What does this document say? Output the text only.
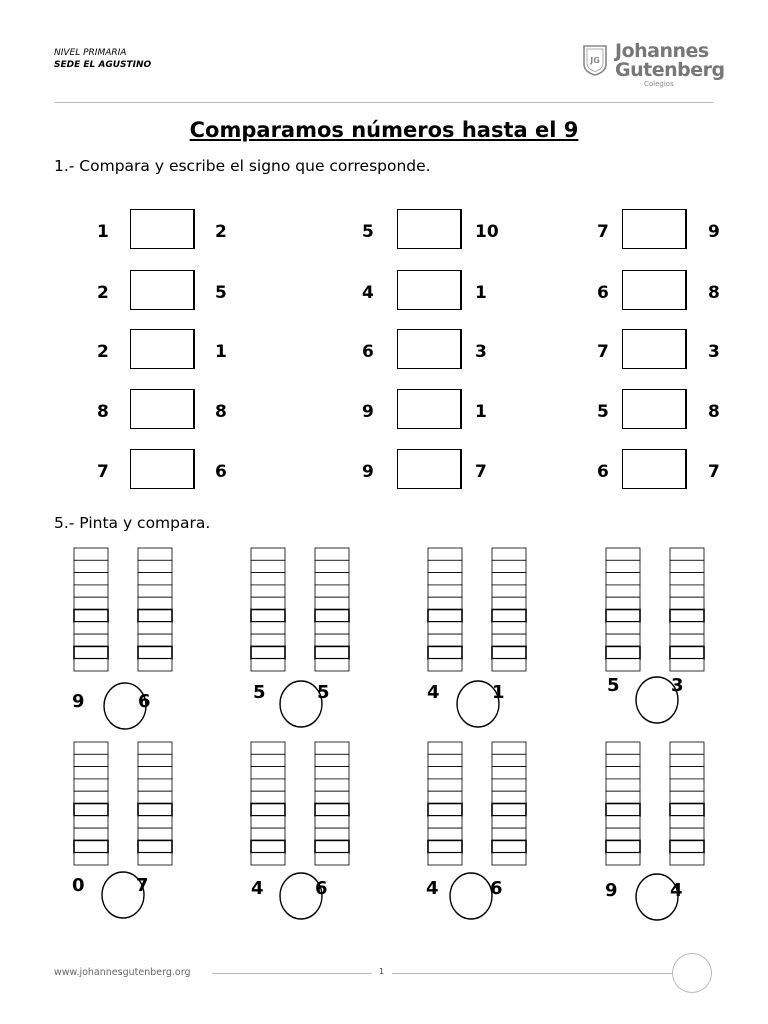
NIVEL PRIMARIA
SEDE EL AGUSTINO	JG Johannes
Gutenberg
Colegios
Comparamos números hasta el 9
1.- Compara y escribe el signo que corresponde.
1	2
2	5
2	1
8	8
7	6
5	10
4	1
6	3
9	1
9	7
7	9
6	8
7	3
5	8
6	7
5.- Pinta y compara.
9	6	5	5	4	1	5	3
0	7	4	6	4	6	9	4
www.johannesgutenberg.org	1
